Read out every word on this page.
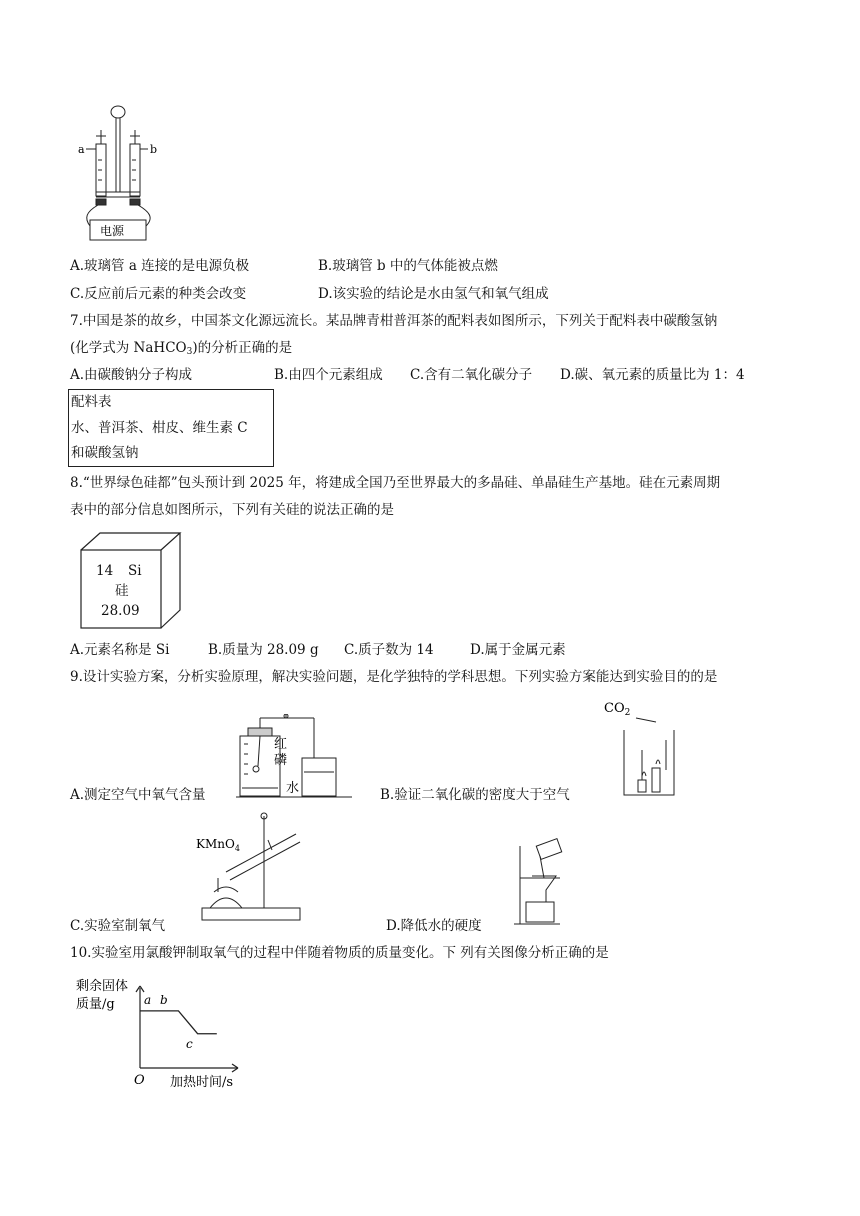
a	b
电源
A.玻璃管 a 连接的是电源负极	B.玻璃管 b 中的气体能被点燃
C.反应前后元素的种类会改变	D.该实验的结论是水由氢气和氧气组成
7.中国是茶的故乡，中国茶文化源远流长。某品牌青柑普洱茶的配料表如图所示，下列关于配料表中碳酸氢钠
(化学式为 NaHCO$_3$)的分析正确的是
A.由碳酸钠分子构成	B.由四个元素组成 C.含有二氧化碳分子 D.碳、氧元素的质量比为 1：4
配料表
水、普洱茶、柑皮、维生素 C
和碳酸氢钠
8.“世界绿色硅都”包头预计到 2025 年，将建成全国乃至世界最大的多晶硅、单晶硅生产基地。硅在元素周期
表中的部分信息如图所示，下列有关硅的说法正确的是
14 Si
硅
28.09
A.元素名称是 Si	B.质量为 28.09 g C.质子数为 14	D.属于金属元素
9.设计实验方案，分析实验原理，解决实验问题，是化学独特的学科思想。下列实验方案能达到实验目的的是
红
磷
水
A.测定空气中氧气含量
$CO_2$
B.验证二氧化碳的密度大于空气
KMnO$_4$
C.实验室制氧气	D.降低水的硬度
10.实验室用氯酸钾制取氧气的过程中伴随着物质的质量变化。下 列有关图像分析正确的是
剩余固体
质量/g
O 加热时间/s
a b
c
